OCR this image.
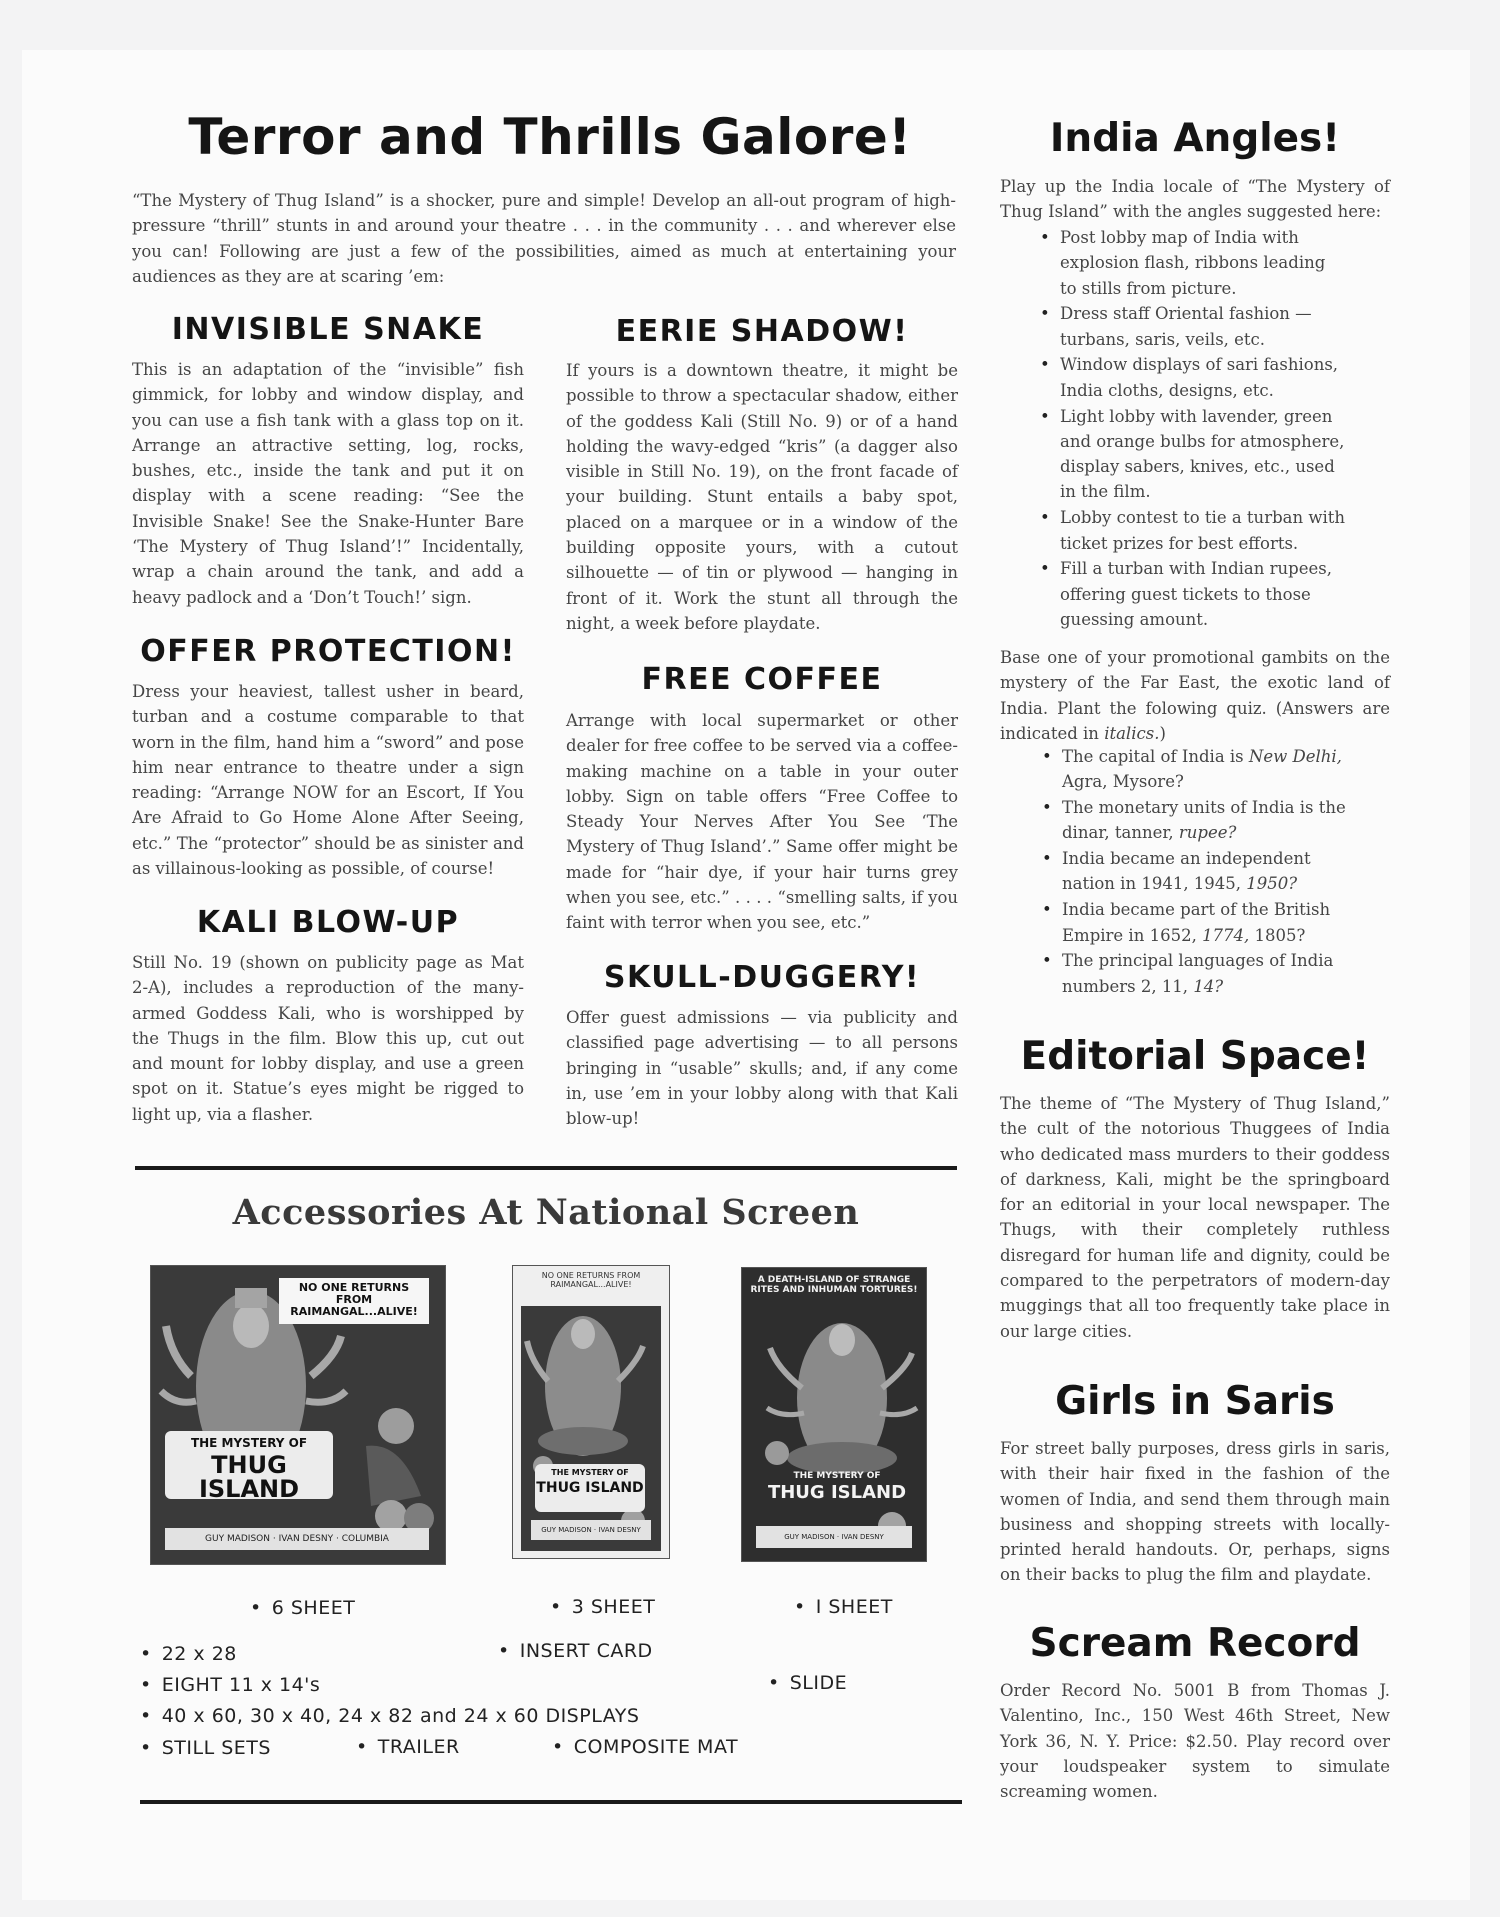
Terror and Thrills Galore!

“The Mystery of Thug Island” is a shocker, pure and simple! Develop an all-out program of high-pressure “thrill” stunts in and around your theatre . . . in the community . . . and wherever else you can! Following are just a few of the possibilities, aimed as much at entertaining your audiences as they are at scaring ’em:

INVISIBLE SNAKE

This is an adaptation of the “invisible” fish gimmick, for lobby and window display, and you can use a fish tank with a glass top on it. Arrange an attractive setting, log, rocks, bushes, etc., inside the tank and put it on display with a scene reading: “See the Invisible Snake! See the Snake-Hunter Bare ‘The Mystery of Thug Island’!” Incidentally, wrap a chain around the tank, and add a heavy padlock and a ‘Don’t Touch!’ sign.

OFFER PROTECTION!

Dress your heaviest, tallest usher in beard, turban and a costume comparable to that worn in the film, hand him a “sword” and pose him near entrance to theatre under a sign reading: “Arrange NOW for an Escort, If You Are Afraid to Go Home Alone After Seeing, etc.” The “protector” should be as sinister and as villainous-looking as possible, of course!

KALI BLOW-UP

Still No. 19 (shown on publicity page as Mat 2-A), includes a reproduction of the many-armed Goddess Kali, who is worshipped by the Thugs in the film. Blow this up, cut out and mount for lobby display, and use a green spot on it. Statue’s eyes might be rigged to light up, via a flasher.

EERIE SHADOW!

If yours is a downtown theatre, it might be possible to throw a spectacular shadow, either of the goddess Kali (Still No. 9) or of a hand holding the wavy-edged “kris” (a dagger also visible in Still No. 19), on the front facade of your building. Stunt entails a baby spot, placed on a marquee or in a window of the building opposite yours, with a cutout silhouette — of tin or plywood — hanging in front of it. Work the stunt all through the night, a week before playdate.

FREE COFFEE

Arrange with local supermarket or other dealer for free coffee to be served via a coffee-making machine on a table in your outer lobby. Sign on table offers “Free Coffee to Steady Your Nerves After You See ‘The Mystery of Thug Island’.” Same offer might be made for “hair dye, if your hair turns grey when you see, etc.” . . . . “smelling salts, if you faint with terror when you see, etc.”

SKULL-DUGGERY!

Offer guest admissions — via publicity and classified page advertising — to all persons bringing in “usable” skulls; and, if any come in, use ’em in your lobby along with that Kali blow-up!

Accessories At National Screen
NO ONE RETURNS FROM RAIMANGAL...ALIVE!
THE MYSTERY OF
THUG ISLAND
GUY MADISON · IVAN DESNY · COLUMBIA
NO ONE RETURNS FROM RAIMANGAL...ALIVE!
THE MYSTERY OF
THUG ISLAND
GUY MADISON · IVAN DESNY
A DEATH-ISLAND OF STRANGE RITES AND INHUMAN TORTURES!
THE MYSTERY OF
THUG ISLAND
GUY MADISON · IVAN DESNY
• 6 SHEET	• 3 SHEET	• I SHEET
• 22 x 28	• INSERT CARD
• EIGHT 11 x 14's	• SLIDE
• 40 x 60, 30 x 40, 24 x 82 and 24 x 60 DISPLAYS
• STILL SETS	• TRAILER	• COMPOSITE MAT
India Angles!

Play up the India locale of “The Mystery of Thug Island” with the angles suggested here:

• Post lobby map of India with explosion flash, ribbons leading to stills from picture.
• Dress staff Oriental fashion — turbans, saris, veils, etc.
• Window displays of sari fashions, India cloths, designs, etc.
• Light lobby with lavender, green and orange bulbs for atmosphere, display sabers, knives, etc., used in the film.
• Lobby contest to tie a turban with ticket prizes for best efforts.
• Fill a turban with Indian rupees, offering guest tickets to those guessing amount.

Base one of your promotional gambits on the mystery of the Far East, the exotic land of India. Plant the folowing quiz. (Answers are indicated in italics.)

• The capital of India is New Delhi, Agra, Mysore?
• The monetary units of India is the dinar, tanner, rupee?
• India became an independent nation in 1941, 1945, 1950?
• India became part of the British Empire in 1652, 1774, 1805?
• The principal languages of India numbers 2, 11, 14?
Editorial Space!

The theme of “The Mystery of Thug Island,” the cult of the notorious Thuggees of India who dedicated mass murders to their goddess of darkness, Kali, might be the springboard for an editorial in your local newspaper. The Thugs, with their completely ruthless disregard for human life and dignity, could be compared to the perpetrators of modern-day muggings that all too frequently take place in our large cities.

Girls in Saris

For street bally purposes, dress girls in saris, with their hair fixed in the fashion of the women of India, and send them through main business and shopping streets with locally-printed herald handouts. Or, perhaps, signs on their backs to plug the film and playdate.

Scream Record

Order Record No. 5001 B from Thomas J. Valentino, Inc., 150 West 46th Street, New York 36, N. Y. Price: $2.50. Play record over your loudspeaker system to simulate screaming women.
